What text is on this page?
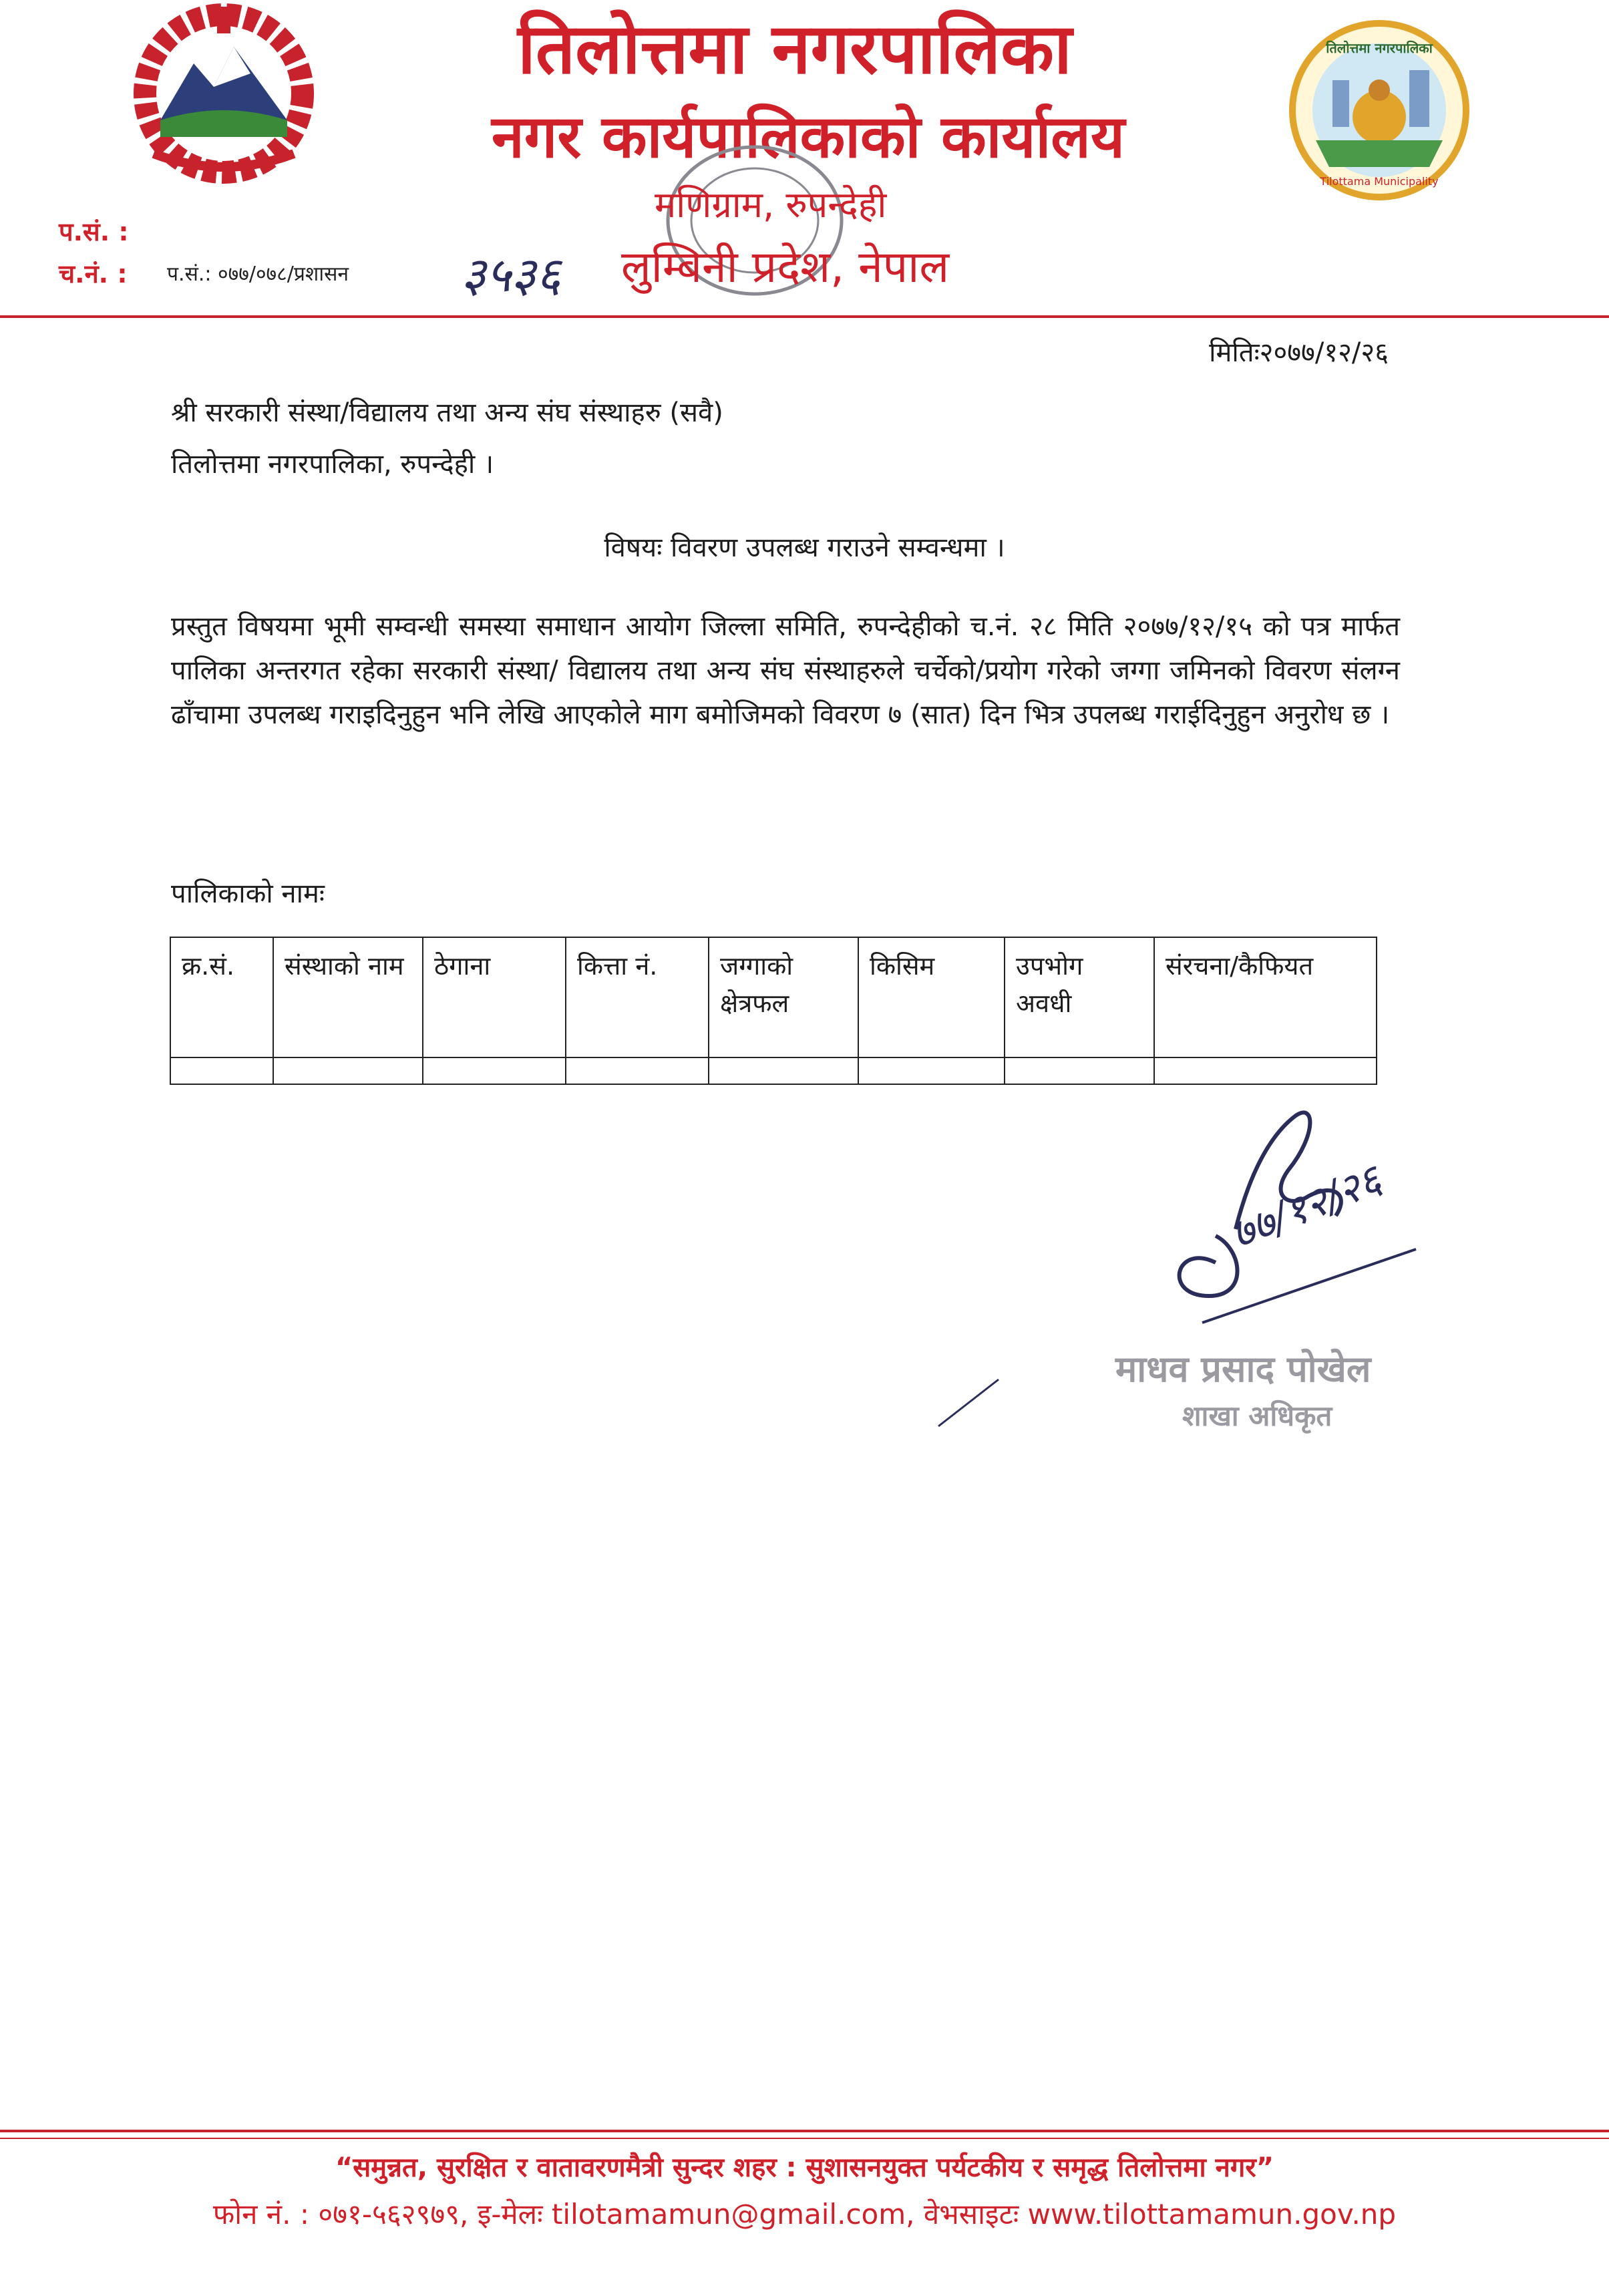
तिलोत्तमा नगरपालिका
Tilottama Municipality
तिलोत्तमा नगरपालिका
नगर कार्यपालिकाको कार्यालय
मणिग्राम, रुपन्देही
लुम्बिनी प्रदेश, नेपाल
प.सं. :
च.नं. : प.सं.: ०७७/०७८/प्रशासन ३५३६
मितिः२०७७/१२/२६
श्री सरकारी संस्था/विद्यालय तथा अन्य संघ संस्थाहरु (सवै)
तिलोत्तमा नगरपालिका, रुपन्देही ।
विषयः विवरण उपलब्ध गराउने सम्वन्धमा ।
प्रस्तुत विषयमा भूमी सम्वन्धी समस्या समाधान आयोग जिल्ला समिति, रुपन्देहीको च.नं. २८ मिति २०७७/१२/१५ को पत्र मार्फत पालिका अन्तरगत रहेका सरकारी संस्था/ विद्यालय तथा अन्य संघ संस्थाहरुले चर्चेको/प्रयोग गरेको जग्गा जमिनको विवरण संलग्न ढाँचामा उपलब्ध गराइदिनुहुन भनि लेखि आएकोले माग बमोजिमको विवरण ७ (सात) दिन भित्र उपलब्ध गराईदिनुहुन अनुरोध छ ।
पालिकाको नामः
क्र.सं.	संस्थाको नाम	ठेगाना	कित्ता नं.	जग्गाको क्षेत्रफल	किसिम	उपभोग अवधी	संरचना/कैफियत

७७/१२/२६
माधव प्रसाद पोखेल
शाखा अधिकृत
“समुन्नत, सुरक्षित र वातावरणमैत्री सुन्दर शहर : सुशासनयुक्त पर्यटकीय र समृद्ध तिलोत्तमा नगर”
फोन नं. : ०७१-५६२९७९, इ-मेलः tilotamamun@gmail.com, वेभसाइटः www.tilottamamun.gov.np
